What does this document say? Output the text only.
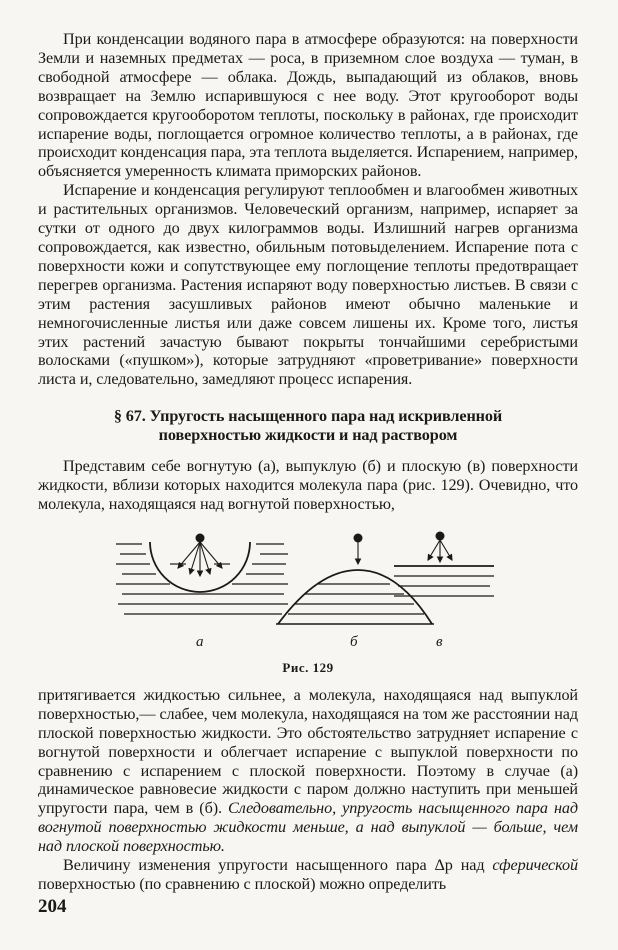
При конденсации водяного пара в атмосфере образуются: на поверхности Земли и наземных предметах — роса, в приземном слое воздуха — туман, в свободной атмосфере — облака. Дождь, выпадающий из облаков, вновь возвращает на Землю испарившуюся с нее воду. Этот кругооборот воды сопровождается кругооборотом теплоты, поскольку в районах, где происходит испарение воды, поглощается огромное количество теплоты, а в районах, где происходит конденсация пара, эта теплота выделяется. Испарением, например, объясняется умеренность климата приморских районов.

Испарение и конденсация регулируют теплообмен и влагообмен животных и растительных организмов. Человеческий организм, например, испаряет за сутки от одного до двух килограммов воды. Излишний нагрев организма сопровождается, как известно, обильным потовыделением. Испарение пота с поверхности кожи и сопутствующее ему поглощение теплоты предотвращает перегрев организма. Растения испаряют воду поверхностью листьев. В связи с этим растения засушливых районов имеют обычно маленькие и немногочисленные листья или даже совсем лишены их. Кроме того, листья этих растений зачастую бывают покрыты тончайшими серебристыми волосками («пушком»), которые затрудняют «проветривание» поверхности листа и, следовательно, замедляют процесс испарения.

§ 67. Упругость насыщенного пара над искривленной
поверхностью жидкости и над раствором

Представим себе вогнутую (а), выпуклую (б) и плоскую (в) поверхности жидкости, вблизи которых находится молекула пара (рис. 129). Очевидно, что молекула, находящаяся над вогнутой поверхностью,

а	б	в
Рис. 129

притягивается жидкостью сильнее, а молекула, находящаяся над выпуклой поверхностью,— слабее, чем молекула, находящаяся на том же расстоянии над плоской поверхностью жидкости. Это обстоятельство затрудняет испарение с вогнутой поверхности и облегчает испарение с выпуклой поверхности по сравнению с испарением с плоской поверхности. Поэтому в случае (а) динамическое равновесие жидкости с паром должно наступить при меньшей упругости пара, чем в (б). Следовательно, упругость насыщенного пара над вогнутой поверхностью жидкости меньше, а над выпуклой — больше, чем над плоской поверхностью.

Величину изменения упругости насыщенного пара Δp над сферической поверхностью (по сравнению с плоской) можно определить

204
